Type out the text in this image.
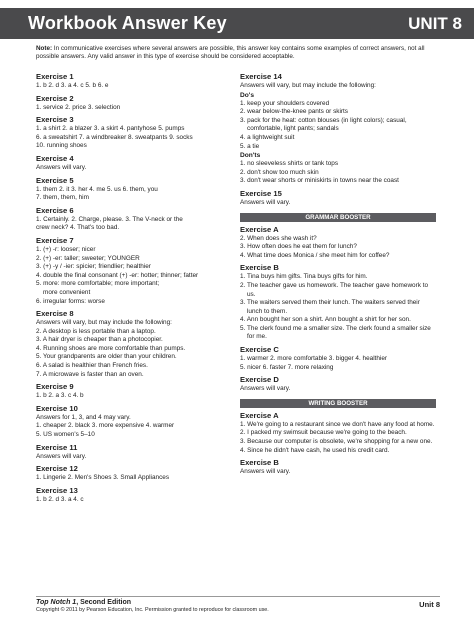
Workbook Answer Key	UNIT 8
Note: In communicative exercises where several answers are possible, this answer key contains some examples of correct answers, not all possible answers. Any valid answer in this type of exercise should be considered acceptable.
Exercise 1
1. b 2. d 3. a 4. c 5. b 6. e
Exercise 2
1. service 2. price 3. selection
Exercise 3
1. a shirt 2. a blazer 3. a skirt 4. pantyhose 5. pumps
6. a sweatshirt 7. a windbreaker 8. sweatpants 9. socks
10. running shoes
Exercise 4
Answers will vary.
Exercise 5
1. them 2. it 3. her 4. me 5. us 6. them, you
7. them, them, him
Exercise 6
1. Certainly. 2. Charge, please. 3. The V-neck or the
crew neck? 4. That's too bad.
Exercise 7
1. (+) -r: looser; nicer
2. (+) -er: taller; sweeter; YOUNGER
3. (+) -y / -ier: spicier; friendlier; healthier
4. double the final consonant (+) -er: hotter; thinner; fatter
5. more: more comfortable; more important;
more convenient
6. irregular forms: worse
Exercise 8
Answers will vary, but may include the following:
2. A desktop is less portable than a laptop.
3. A hair dryer is cheaper than a photocopier.
4. Running shoes are more comfortable than pumps.
5. Your grandparents are older than your children.
6. A salad is healthier than French fries.
7. A microwave is faster than an oven.
Exercise 9
1. b 2. a 3. c 4. b
Exercise 10
Answers for 1, 3, and 4 may vary.
1. cheaper 2. black 3. more expensive 4. warmer
5. US women's 5–10
Exercise 11
Answers will vary.
Exercise 12
1. Lingerie 2. Men's Shoes 3. Small Appliances
Exercise 13
1. b 2. d 3. a 4. c
Exercise 14
Answers will vary, but may include the following:
Do's
1. keep your shoulders covered
2. wear below-the-knee pants or skirts
3. pack for the heat: cotton blouses (in light colors); casual,
comfortable, light pants; sandals
4. a lightweight suit
5. a tie
Don'ts
1. no sleeveless shirts or tank tops
2. don't show too much skin
3. don't wear shorts or miniskirts in towns near the coast
Exercise 15
Answers will vary.
GRAMMAR BOOSTER
Exercise A
2. When does she wash it?
3. How often does he eat them for lunch?
4. What time does Monica / she meet him for coffee?
Exercise B
1. Tina buys him gifts. Tina buys gifts for him.
2. The teacher gave us homework. The teacher gave homework to us.
3. The waiters served them their lunch. The waiters served their lunch to them.
4. Ann bought her son a shirt. Ann bought a shirt for her son.
5. The clerk found me a smaller size. The clerk found a smaller size for me.
Exercise C
1. warmer 2. more comfortable 3. bigger 4. healthier
5. nicer 6. faster 7. more relaxing
Exercise D
Answers will vary.
WRITING BOOSTER
Exercise A
1. We're going to a restaurant since we don't have any food at home.
2. I packed my swimsuit because we're going to the beach.
3. Because our computer is obsolete, we're shopping for a new one.
4. Since he didn't have cash, he used his credit card.
Exercise B
Answers will vary.
Top Notch 1, Second Edition
Copyright © 2011 by Pearson Education, Inc. Permission granted to reproduce for classroom use.
Unit 8
